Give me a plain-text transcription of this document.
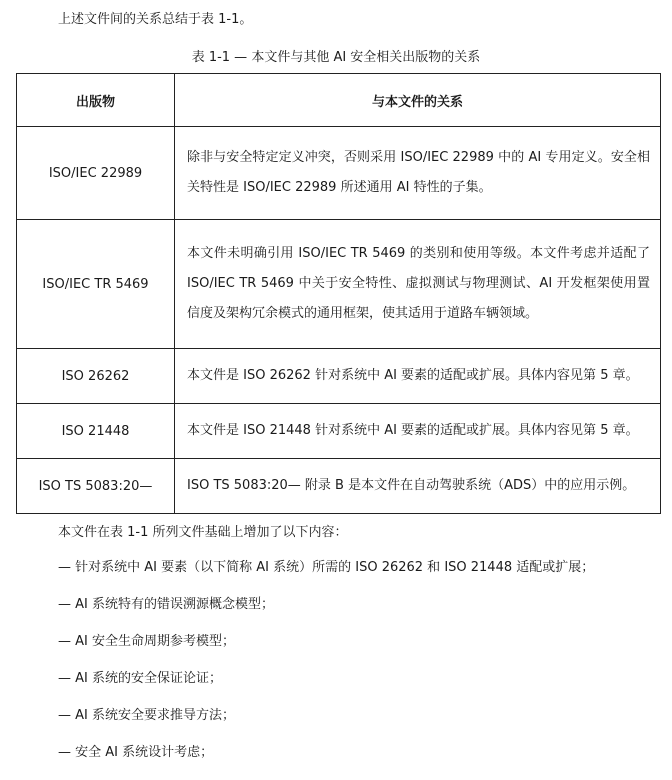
上述文件间的关系总结于表 1-1。
表 1-1 — 本文件与其他 AI 安全相关出版物的关系
出版物	与本文件的关系
ISO/IEC 22989	除非与安全特定定义冲突，否则采用 ISO/IEC 22989 中的 AI 专用定义。安全相关特性是 ISO/IEC 22989 所述通用 AI 特性的子集。
ISO/IEC TR 5469	本文件未明确引用 ISO/IEC TR 5469 的类别和使用等级。本文件考虑并适配了 ISO/IEC TR 5469 中关于安全特性、虚拟测试与物理测试、AI 开发框架使用置信度及架构冗余模式的通用框架，使其适用于道路车辆领域。
ISO 26262	本文件是 ISO 26262 针对系统中 AI 要素的适配或扩展。具体内容见第 5 章。
ISO 21448	本文件是 ISO 21448 针对系统中 AI 要素的适配或扩展。具体内容见第 5 章。
ISO TS 5083:20—	ISO TS 5083:20— 附录 B 是本文件在自动驾驶系统（ADS）中的应用示例。
本文件在表 1-1 所列文件基础上增加了以下内容：
— 针对系统中 AI 要素（以下简称 AI 系统）所需的 ISO 26262 和 ISO 21448 适配或扩展；
— AI 系统特有的错误溯源概念模型；
— AI 安全生命周期参考模型；
— AI 系统的安全保证论证；
— AI 系统安全要求推导方法；
— 安全 AI 系统设计考虑；
